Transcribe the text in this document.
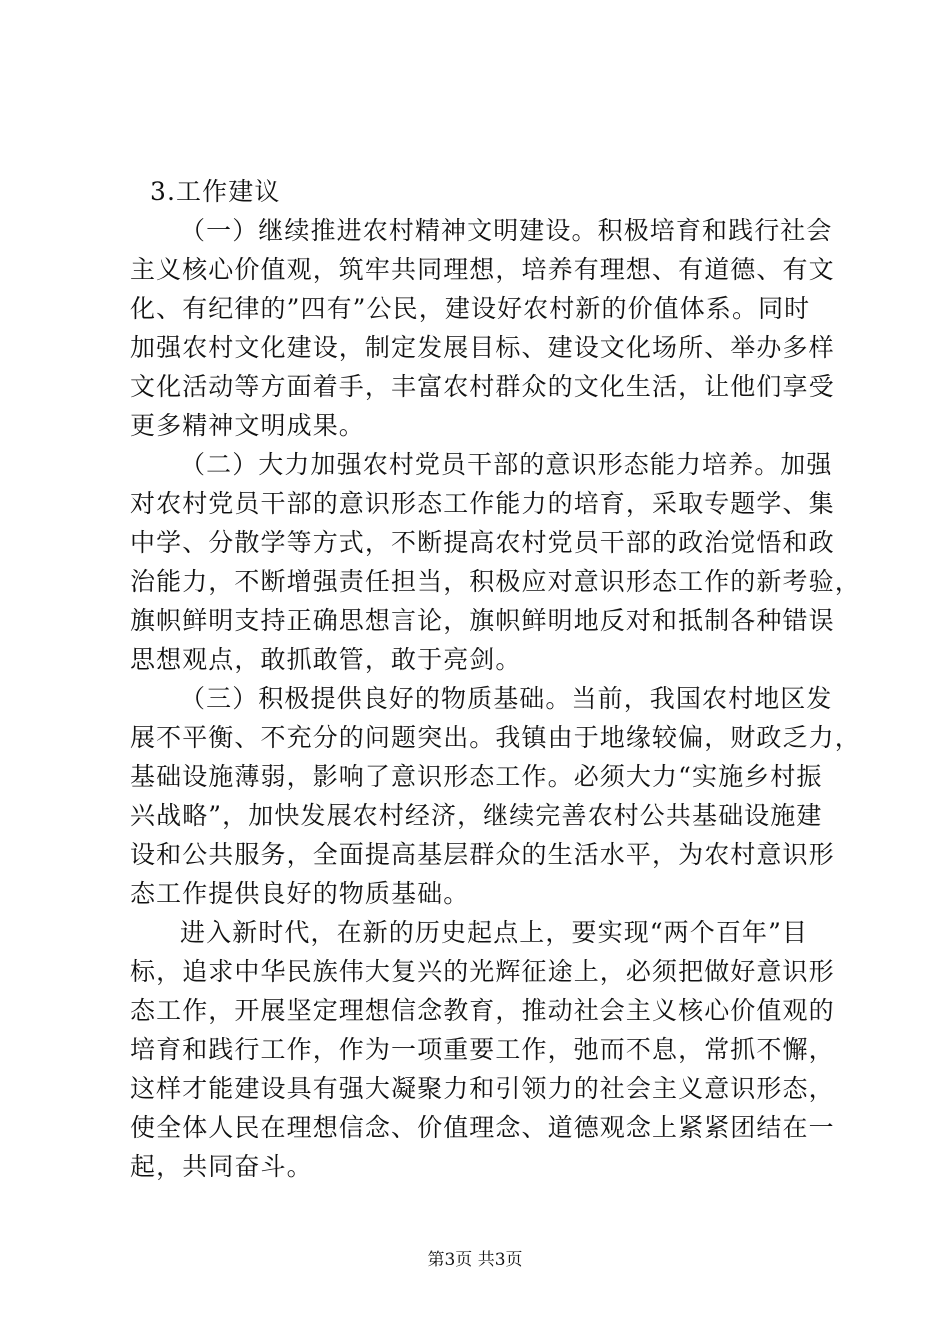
3.工作建议
（一）继续推进农村精神文明建设。积极培育和践行社会
主义核心价值观，筑牢共同理想，培养有理想、有道德、有文
化、有纪律的”四有”公民，建设好农村新的价值体系。同时
加强农村文化建设，制定发展目标、建设文化场所、举办多样
文化活动等方面着手，丰富农村群众的文化生活，让他们享受
更多精神文明成果。
（二）大力加强农村党员干部的意识形态能力培养。加强
对农村党员干部的意识形态工作能力的培育，采取专题学、集
中学、分散学等方式，不断提高农村党员干部的政治觉悟和政
治能力，不断增强责任担当，积极应对意识形态工作的新考验，
旗帜鲜明支持正确思想言论，旗帜鲜明地反对和抵制各种错误
思想观点，敢抓敢管，敢于亮剑。
（三）积极提供良好的物质基础。当前，我国农村地区发
展不平衡、不充分的问题突出。我镇由于地缘较偏，财政乏力，
基础设施薄弱，影响了意识形态工作。必须大力“实施乡村振
兴战略”，加快发展农村经济，继续完善农村公共基础设施建
设和公共服务，全面提高基层群众的生活水平，为农村意识形
态工作提供良好的物质基础。
进入新时代，在新的历史起点上，要实现“两个百年”目
标，追求中华民族伟大复兴的光辉征途上，必须把做好意识形
态工作，开展坚定理想信念教育，推动社会主义核心价值观的
培育和践行工作，作为一项重要工作，弛而不息，常抓不懈，
这样才能建设具有强大凝聚力和引领力的社会主义意识形态，
使全体人民在理想信念、价值理念、道德观念上紧紧团结在一
起，共同奋斗。
第3页 共3页
